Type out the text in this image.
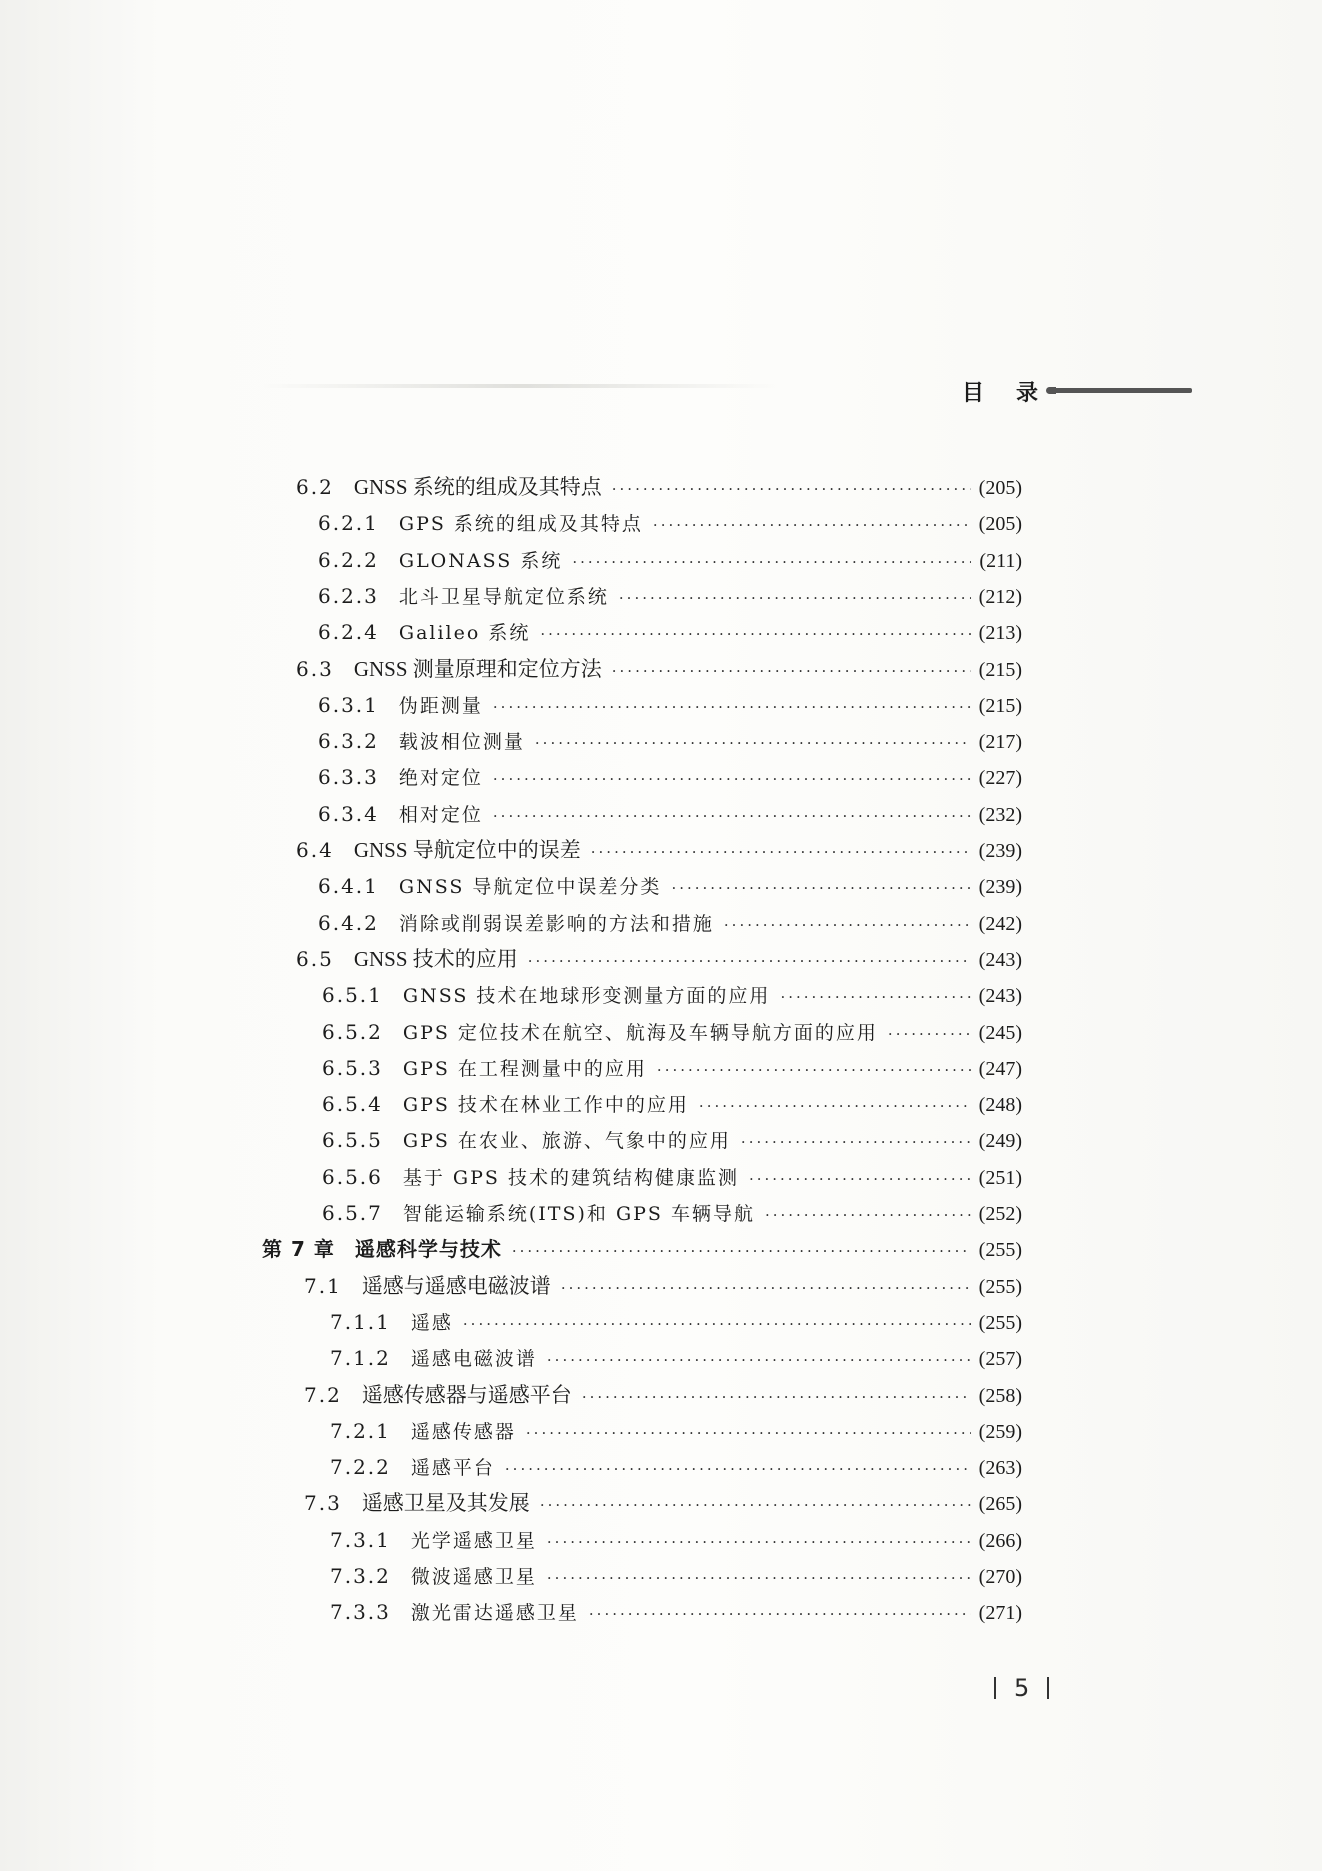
目 录
6.2 GNSS 系统的组成及其特点 ·····	(205)
6.2.1 GPS 系统的组成及其特点 ·····	(205)
6.2.2 GLONASS 系统 ·····	(211)
6.2.3 北斗卫星导航定位系统 ·····	(212)
6.2.4 Galileo 系统 ·····	(213)
6.3 GNSS 测量原理和定位方法 ·····	(215)
6.3.1 伪距测量 ·····	(215)
6.3.2 载波相位测量 ·····	(217)
6.3.3 绝对定位 ·····	(227)
6.3.4 相对定位 ·····	(232)
6.4 GNSS 导航定位中的误差 ·····	(239)
6.4.1 GNSS 导航定位中误差分类 ·····	(239)
6.4.2 消除或削弱误差影响的方法和措施 ·····	(242)
6.5 GNSS 技术的应用 ·····	(243)
6.5.1 GNSS 技术在地球形变测量方面的应用 ·····	(243)
6.5.2 GPS 定位技术在航空、航海及车辆导航方面的应用 ·····	(245)
6.5.3 GPS 在工程测量中的应用 ·····	(247)
6.5.4 GPS 技术在林业工作中的应用 ·····	(248)
6.5.5 GPS 在农业、旅游、气象中的应用 ·····	(249)
6.5.6 基于 GPS 技术的建筑结构健康监测 ·····	(251)
6.5.7 智能运输系统(ITS)和 GPS 车辆导航 ·····	(252)
第 7 章 遥感科学与技术 ·····	(255)
7.1 遥感与遥感电磁波谱 ·····	(255)
7.1.1 遥感 ·····	(255)
7.1.2 遥感电磁波谱 ·····	(257)
7.2 遥感传感器与遥感平台 ·····	(258)
7.2.1 遥感传感器 ·····	(259)
7.2.2 遥感平台 ·····	(263)
7.3 遥感卫星及其发展 ·····	(265)
7.3.1 光学遥感卫星 ·····	(266)
7.3.2 微波遥感卫星 ·····	(270)
7.3.3 激光雷达遥感卫星 ·····	(271)
5
